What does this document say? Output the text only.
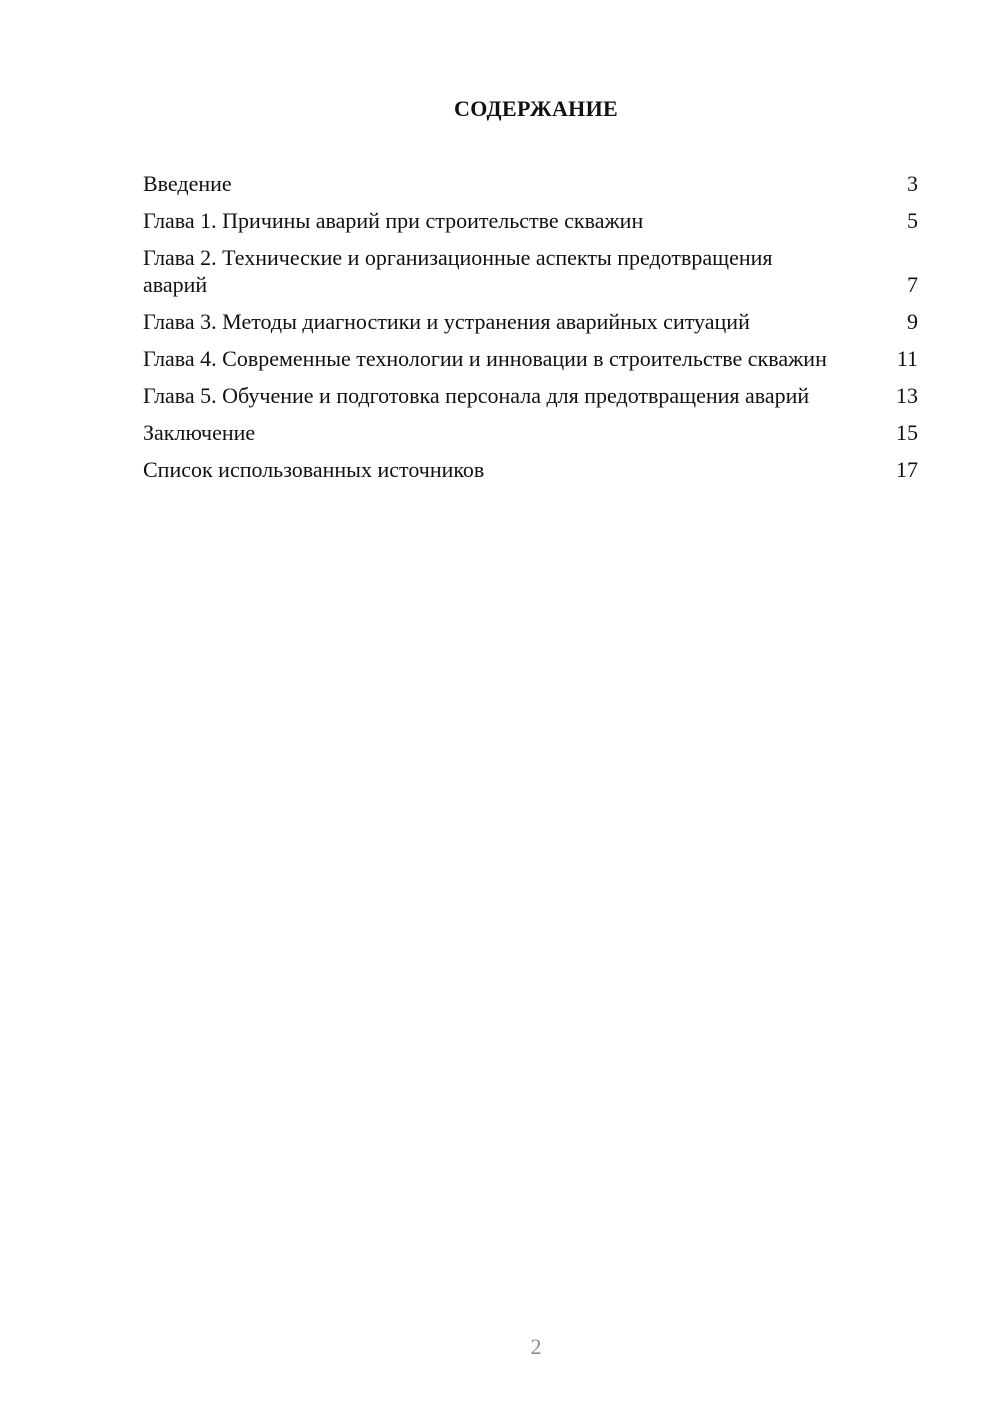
СОДЕРЖАНИЕ
Введение	3
Глава 1. Причины аварий при строительстве скважин	5
Глава 2. Технические и организационные аспекты предотвращения аварий	7
Глава 3. Методы диагностики и устранения аварийных ситуаций	9
Глава 4. Современные технологии и инновации в строительстве скважин	11
Глава 5. Обучение и подготовка персонала для предотвращения аварий	13
Заключение	15
Список использованных источников	17
2
